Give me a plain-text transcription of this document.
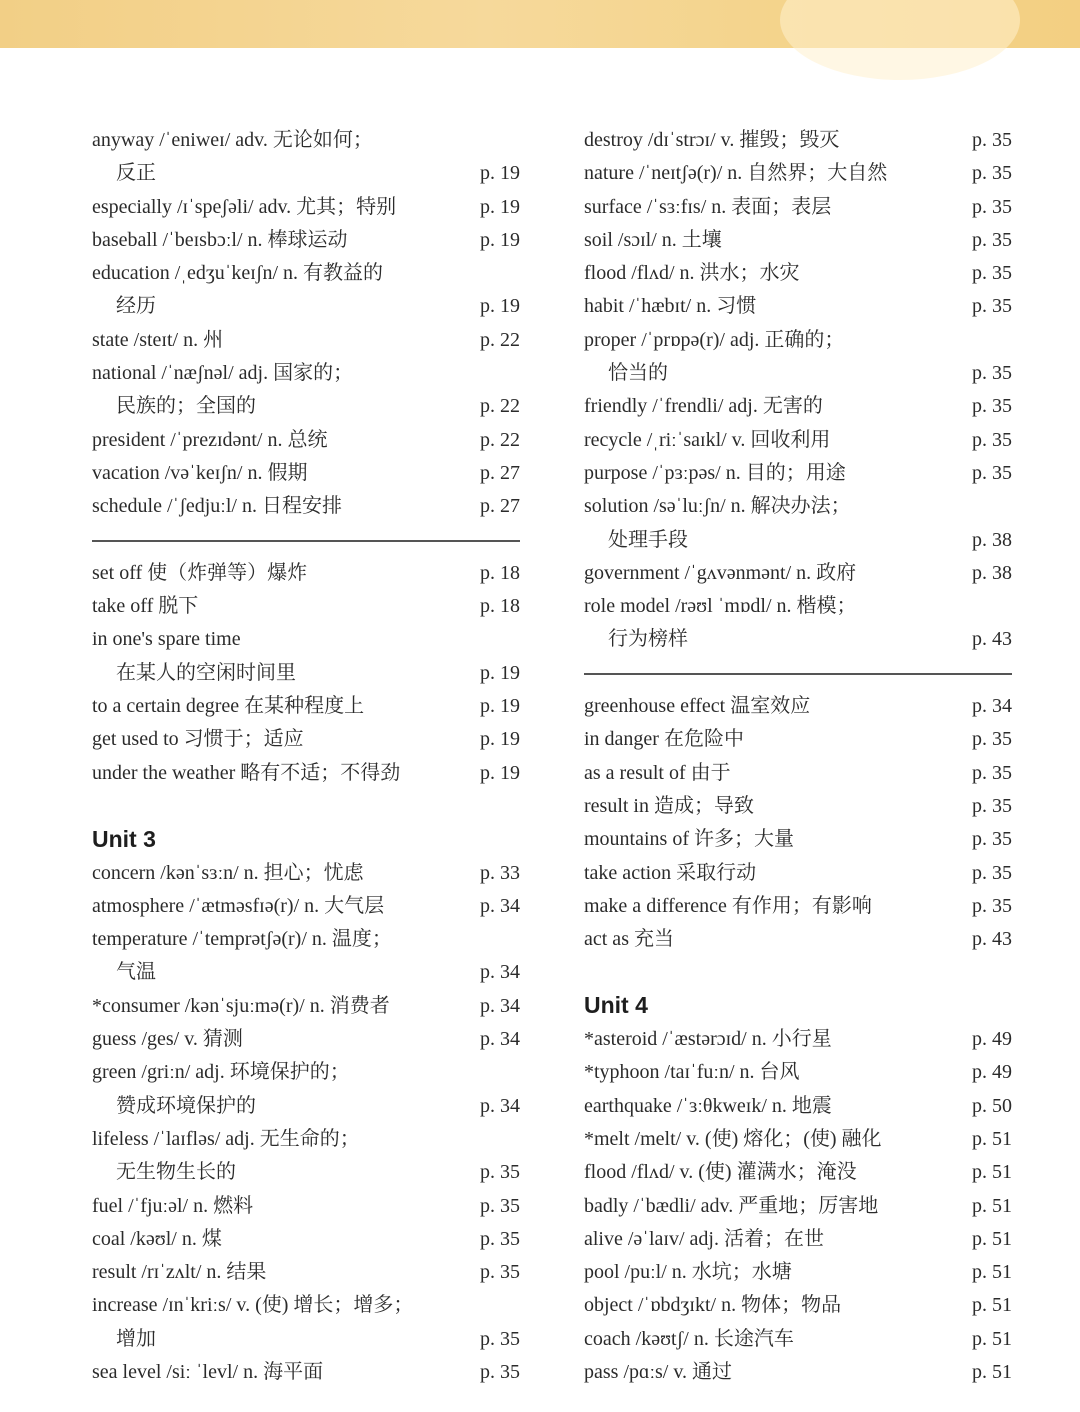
anyway /ˈeniweɪ/ adv. 无论如何；
反正	p. 19
especially /ɪˈspeʃəli/ adv. 尤其；特别	p. 19
baseball /ˈbeɪsbɔːl/ n. 棒球运动	p. 19
education /ˌedʒuˈkeɪʃn/ n. 有教益的
经历	p. 19
state /steɪt/ n. 州	p. 22
national /ˈnæʃnəl/ adj. 国家的；
民族的；全国的	p. 22
president /ˈprezɪdənt/ n. 总统	p. 22
vacation /vəˈkeɪʃn/ n. 假期	p. 27
schedule /ˈʃedjuːl/ n. 日程安排	p. 27
set off 使（炸弹等）爆炸	p. 18
take off 脱下	p. 18
in one's spare time
在某人的空闲时间里	p. 19
to a certain degree 在某种程度上	p. 19
get used to 习惯于；适应	p. 19
under the weather 略有不适；不得劲	p. 19
Unit 3
concern /kənˈsɜːn/ n. 担心；忧虑	p. 33
atmosphere /ˈætməsfɪə(r)/ n. 大气层	p. 34
temperature /ˈtemprətʃə(r)/ n. 温度；
气温	p. 34
*consumer /kənˈsjuːmə(r)/ n. 消费者	p. 34
guess /ges/ v. 猜测	p. 34
green /griːn/ adj. 环境保护的；
赞成环境保护的	p. 34
lifeless /ˈlaɪfləs/ adj. 无生命的；
无生物生长的	p. 35
fuel /ˈfjuːəl/ n. 燃料	p. 35
coal /kəʊl/ n. 煤	p. 35
result /rɪˈzʌlt/ n. 结果	p. 35
increase /ɪnˈkriːs/ v. (使) 增长；增多；
增加	p. 35
sea level /siː ˈlevl/ n. 海平面	p. 35
destroy /dɪˈstrɔɪ/ v. 摧毁；毁灭	p. 35
nature /ˈneɪtʃə(r)/ n. 自然界；大自然	p. 35
surface /ˈsɜːfɪs/ n. 表面；表层	p. 35
soil /sɔɪl/ n. 土壤	p. 35
flood /flʌd/ n. 洪水；水灾	p. 35
habit /ˈhæbɪt/ n. 习惯	p. 35
proper /ˈprɒpə(r)/ adj. 正确的；
恰当的	p. 35
friendly /ˈfrendli/ adj. 无害的	p. 35
recycle /ˌriːˈsaɪkl/ v. 回收利用	p. 35
purpose /ˈpɜːpəs/ n. 目的；用途	p. 35
solution /səˈluːʃn/ n. 解决办法；
处理手段	p. 38
government /ˈgʌvənmənt/ n. 政府	p. 38
role model /rəʊl ˈmɒdl/ n. 楷模；
行为榜样	p. 43
greenhouse effect 温室效应	p. 34
in danger 在危险中	p. 35
as a result of 由于	p. 35
result in 造成；导致	p. 35
mountains of 许多；大量	p. 35
take action 采取行动	p. 35
make a difference 有作用；有影响	p. 35
act as 充当	p. 43
Unit 4
*asteroid /ˈæstərɔɪd/ n. 小行星	p. 49
*typhoon /taɪˈfuːn/ n. 台风	p. 49
earthquake /ˈɜːθkweɪk/ n. 地震	p. 50
*melt /melt/ v. (使) 熔化；(使) 融化	p. 51
flood /flʌd/ v. (使) 灌满水；淹没	p. 51
badly /ˈbædli/ adv. 严重地；厉害地	p. 51
alive /əˈlaɪv/ adj. 活着；在世	p. 51
pool /puːl/ n. 水坑；水塘	p. 51
object /ˈɒbdʒɪkt/ n. 物体；物品	p. 51
coach /kəʊtʃ/ n. 长途汽车	p. 51
pass /pɑːs/ v. 通过	p. 51
